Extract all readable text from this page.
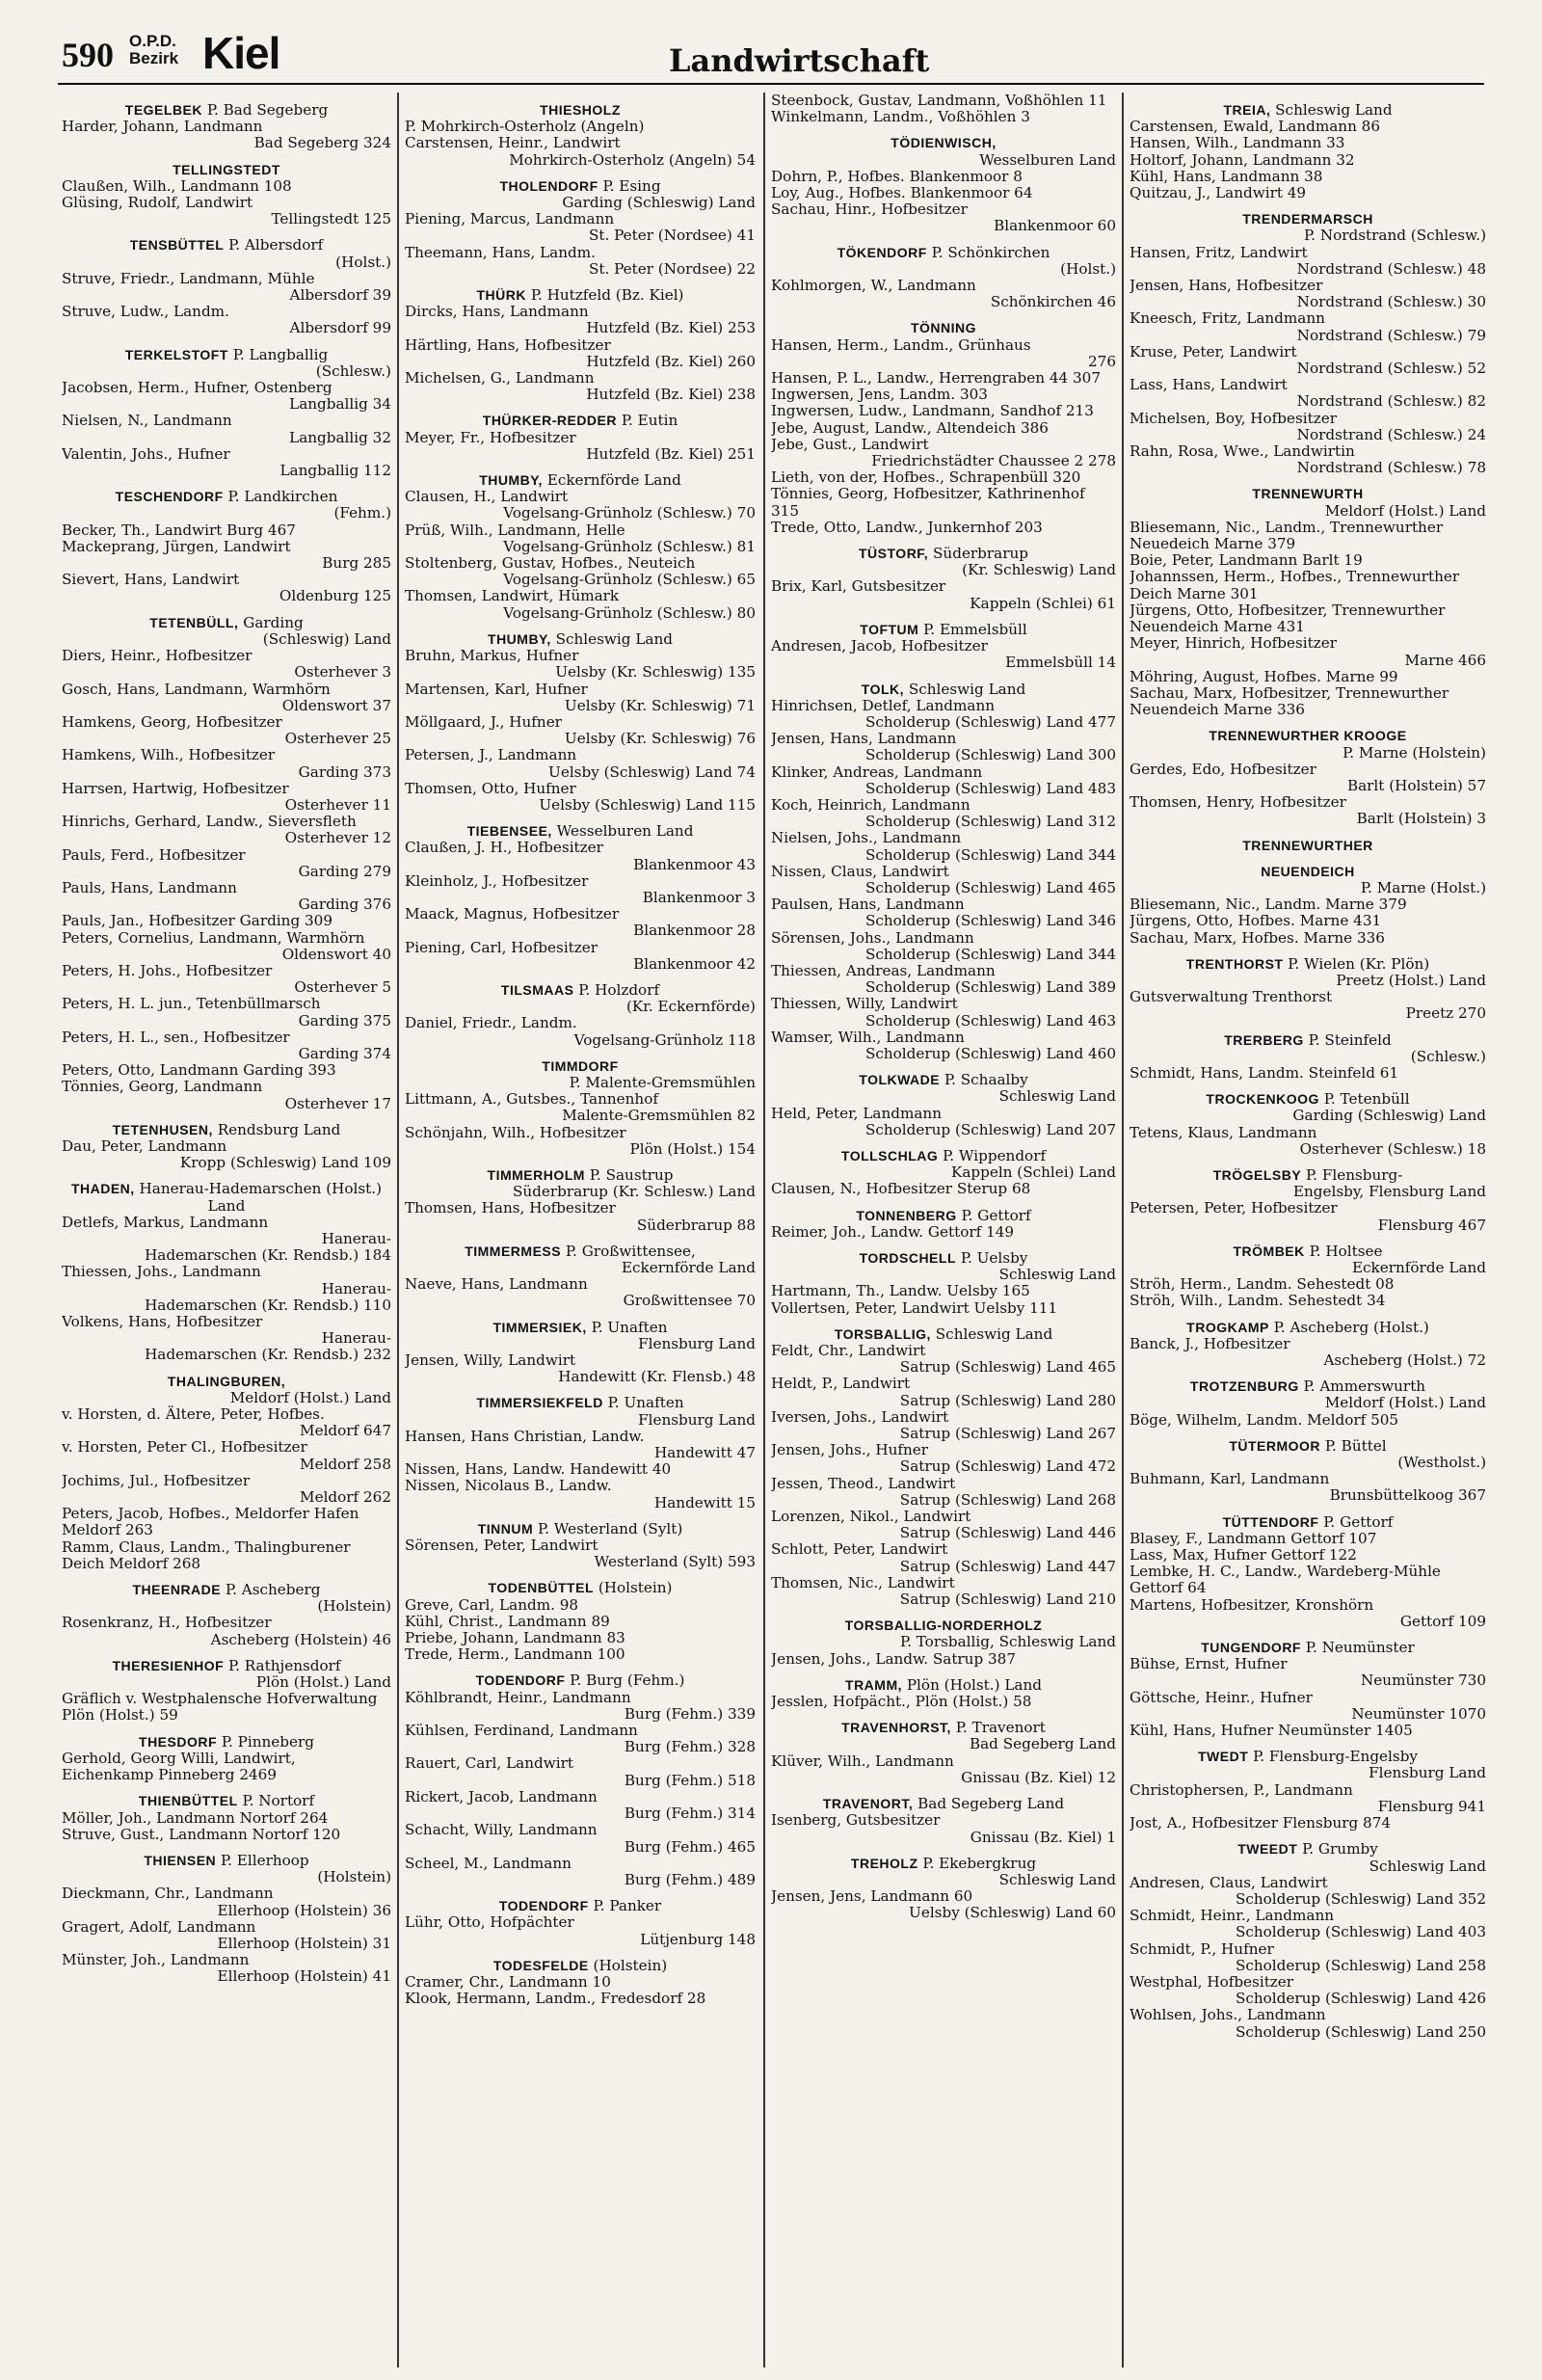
590 O.P.D.
Bezirk Kiel	Landwirtschaft
TEGELBEK P. Bad Segeberg
Harder, Johann, Landmann
Bad Segeberg 324
TELLINGSTEDT
Claußen, Wilh., Landmann 108
Glüsing, Rudolf, Landwirt
Tellingstedt 125
TENSBÜTTEL P. Albersdorf
(Holst.)
Struve, Friedr., Landmann, Mühle
Albersdorf 39
Struve, Ludw., Landm.
Albersdorf 99
TERKELSTOFT P. Langballig
(Schlesw.)
Jacobsen, Herm., Hufner, Ostenberg
Langballig 34
Nielsen, N., Landmann
Langballig 32
Valentin, Johs., Hufner
Langballig 112
TESCHENDORF P. Landkirchen
(Fehm.)
Becker, Th., Landwirt Burg 467
Mackeprang, Jürgen, Landwirt
Burg 285
Sievert, Hans, Landwirt
Oldenburg 125
TETENBÜLL, Garding
(Schleswig) Land
Diers, Heinr., Hofbesitzer
Osterhever 3
Gosch, Hans, Landmann, Warmhörn
Oldenswort 37
Hamkens, Georg, Hofbesitzer
Osterhever 25
Hamkens, Wilh., Hofbesitzer
Garding 373
Harrsen, Hartwig, Hofbesitzer
Osterhever 11
Hinrichs, Gerhard, Landw., Sieversfleth
Osterhever 12
Pauls, Ferd., Hofbesitzer
Garding 279
Pauls, Hans, Landmann
Garding 376
Pauls, Jan., Hofbesitzer Garding 309
Peters, Cornelius, Landmann, Warmhörn
Oldenswort 40
Peters, H. Johs., Hofbesitzer
Osterhever 5
Peters, H. L. jun., Tetenbüllmarsch
Garding 375
Peters, H. L., sen., Hofbesitzer
Garding 374
Peters, Otto, Landmann Garding 393
Tönnies, Georg, Landmann
Osterhever 17
TETENHUSEN, Rendsburg Land
Dau, Peter, Landmann
Kropp (Schleswig) Land 109
THADEN, Hanerau-Hademarschen (Holst.) Land
Detlefs, Markus, Landmann
Hanerau-
Hademarschen (Kr. Rendsb.) 184
Thiessen, Johs., Landmann
Hanerau-
Hademarschen (Kr. Rendsb.) 110
Volkens, Hans, Hofbesitzer
Hanerau-
Hademarschen (Kr. Rendsb.) 232
THALINGBUREN,
Meldorf (Holst.) Land
v. Horsten, d. Ältere, Peter, Hofbes.
Meldorf 647
v. Horsten, Peter Cl., Hofbesitzer
Meldorf 258
Jochims, Jul., Hofbesitzer
Meldorf 262
Peters, Jacob, Hofbes., Meldorfer Hafen Meldorf 263
Ramm, Claus, Landm., Thalingburener Deich Meldorf 268
THEENRADE P. Ascheberg
(Holstein)
Rosenkranz, H., Hofbesitzer
Ascheberg (Holstein) 46
THERESIENHOF P. Rathjensdorf
Plön (Holst.) Land
Gräflich v. Westphalensche Hofverwaltung Plön (Holst.) 59
THESDORF P. Pinneberg
Gerhold, Georg Willi, Landwirt, Eichenkamp Pinneberg 2469
THIENBÜTTEL P. Nortorf
Möller, Joh., Landmann Nortorf 264
Struve, Gust., Landmann Nortorf 120
THIENSEN P. Ellerhoop
(Holstein)
Dieckmann, Chr., Landmann
Ellerhoop (Holstein) 36
Gragert, Adolf, Landmann
Ellerhoop (Holstein) 31
Münster, Joh., Landmann
Ellerhoop (Holstein) 41
THIESHOLZ
P. Mohrkirch-Osterholz (Angeln)
Carstensen, Heinr., Landwirt
Mohrkirch-Osterholz (Angeln) 54
THOLENDORF P. Esing
Garding (Schleswig) Land
Piening, Marcus, Landmann
St. Peter (Nordsee) 41
Theemann, Hans, Landm.
St. Peter (Nordsee) 22
THÜRK P. Hutzfeld (Bz. Kiel)
Dircks, Hans, Landmann
Hutzfeld (Bz. Kiel) 253
Härtling, Hans, Hofbesitzer
Hutzfeld (Bz. Kiel) 260
Michelsen, G., Landmann
Hutzfeld (Bz. Kiel) 238
THÜRKER-REDDER P. Eutin
Meyer, Fr., Hofbesitzer
Hutzfeld (Bz. Kiel) 251
THUMBY, Eckernförde Land
Clausen, H., Landwirt
Vogelsang-Grünholz (Schlesw.) 70
Prüß, Wilh., Landmann, Helle
Vogelsang-Grünholz (Schlesw.) 81
Stoltenberg, Gustav, Hofbes., Neuteich
Vogelsang-Grünholz (Schlesw.) 65
Thomsen, Landwirt, Hümark
Vogelsang-Grünholz (Schlesw.) 80
THUMBY, Schleswig Land
Bruhn, Markus, Hufner
Uelsby (Kr. Schleswig) 135
Martensen, Karl, Hufner
Uelsby (Kr. Schleswig) 71
Möllgaard, J., Hufner
Uelsby (Kr. Schleswig) 76
Petersen, J., Landmann
Uelsby (Schleswig) Land 74
Thomsen, Otto, Hufner
Uelsby (Schleswig) Land 115
TIEBENSEE, Wesselburen Land
Claußen, J. H., Hofbesitzer
Blankenmoor 43
Kleinholz, J., Hofbesitzer
Blankenmoor 3
Maack, Magnus, Hofbesitzer
Blankenmoor 28
Piening, Carl, Hofbesitzer
Blankenmoor 42
TILSMAAS P. Holzdorf
(Kr. Eckernförde)
Daniel, Friedr., Landm.
Vogelsang-Grünholz 118
TIMMDORF
P. Malente-Gremsmühlen
Littmann, A., Gutsbes., Tannenhof
Malente-Gremsmühlen 82
Schönjahn, Wilh., Hofbesitzer
Plön (Holst.) 154
TIMMERHOLM P. Saustrup
Süderbrarup (Kr. Schlesw.) Land
Thomsen, Hans, Hofbesitzer
Süderbrarup 88
TIMMERMESS P. Großwittensee,
Eckernförde Land
Naeve, Hans, Landmann
Großwittensee 70
TIMMERSIEK, P. Unaften
Flensburg Land
Jensen, Willy, Landwirt
Handewitt (Kr. Flensb.) 48
TIMMERSIEKFELD P. Unaften
Flensburg Land
Hansen, Hans Christian, Landw.
Handewitt 47
Nissen, Hans, Landw. Handewitt 40
Nissen, Nicolaus B., Landw.
Handewitt 15
TINNUM P. Westerland (Sylt)
Sörensen, Peter, Landwirt
Westerland (Sylt) 593
TODENBÜTTEL (Holstein)
Greve, Carl, Landm. 98
Kühl, Christ., Landmann 89
Priebe, Johann, Landmann 83
Trede, Herm., Landmann 100
TODENDORF P. Burg (Fehm.)
Köhlbrandt, Heinr., Landmann
Burg (Fehm.) 339
Kühlsen, Ferdinand, Landmann
Burg (Fehm.) 328
Rauert, Carl, Landwirt
Burg (Fehm.) 518
Rickert, Jacob, Landmann
Burg (Fehm.) 314
Schacht, Willy, Landmann
Burg (Fehm.) 465
Scheel, M., Landmann
Burg (Fehm.) 489
TODENDORF P. Panker
Lühr, Otto, Hofpächter
Lütjenburg 148
TODESFELDE (Holstein)
Cramer, Chr., Landmann 10
Klook, Hermann, Landm., Fredesdorf 28
Steenbock, Gustav, Landmann, Voßhöhlen 11
Winkelmann, Landm., Voßhöhlen 3
TÖDIENWISCH,
Wesselburen Land
Dohrn, P., Hofbes. Blankenmoor 8
Loy, Aug., Hofbes. Blankenmoor 64
Sachau, Hinr., Hofbesitzer
Blankenmoor 60
TÖKENDORF P. Schönkirchen
(Holst.)
Kohlmorgen, W., Landmann
Schönkirchen 46
TÖNNING
Hansen, Herm., Landm., Grünhaus
276
Hansen, P. L., Landw., Herrengraben 44 307
Ingwersen, Jens, Landm. 303
Ingwersen, Ludw., Landmann, Sandhof 213
Jebe, August, Landw., Altendeich 386
Jebe, Gust., Landwirt
Friedrichstädter Chaussee 2 278
Lieth, von der, Hofbes., Schrapenbüll 320
Tönnies, Georg, Hofbesitzer, Kathrinenhof 315
Trede, Otto, Landw., Junkernhof 203
TÜSTORF, Süderbrarup
(Kr. Schleswig) Land
Brix, Karl, Gutsbesitzer
Kappeln (Schlei) 61
TOFTUM P. Emmelsbüll
Andresen, Jacob, Hofbesitzer
Emmelsbüll 14
TOLK, Schleswig Land
Hinrichsen, Detlef, Landmann
Scholderup (Schleswig) Land 477
Jensen, Hans, Landmann
Scholderup (Schleswig) Land 300
Klinker, Andreas, Landmann
Scholderup (Schleswig) Land 483
Koch, Heinrich, Landmann
Scholderup (Schleswig) Land 312
Nielsen, Johs., Landmann
Scholderup (Schleswig) Land 344
Nissen, Claus, Landwirt
Scholderup (Schleswig) Land 465
Paulsen, Hans, Landmann
Scholderup (Schleswig) Land 346
Sörensen, Johs., Landmann
Scholderup (Schleswig) Land 344
Thiessen, Andreas, Landmann
Scholderup (Schleswig) Land 389
Thiessen, Willy, Landwirt
Scholderup (Schleswig) Land 463
Wamser, Wilh., Landmann
Scholderup (Schleswig) Land 460
TOLKWADE P. Schaalby
Schleswig Land
Held, Peter, Landmann
Scholderup (Schleswig) Land 207
TOLLSCHLAG P. Wippendorf
Kappeln (Schlei) Land
Clausen, N., Hofbesitzer Sterup 68
TONNENBERG P. Gettorf
Reimer, Joh., Landw. Gettorf 149
TORDSCHELL P. Uelsby
Schleswig Land
Hartmann, Th., Landw. Uelsby 165
Vollertsen, Peter, Landwirt Uelsby 111
TORSBALLIG, Schleswig Land
Feldt, Chr., Landwirt
Satrup (Schleswig) Land 465
Heldt, P., Landwirt
Satrup (Schleswig) Land 280
Iversen, Johs., Landwirt
Satrup (Schleswig) Land 267
Jensen, Johs., Hufner
Satrup (Schleswig) Land 472
Jessen, Theod., Landwirt
Satrup (Schleswig) Land 268
Lorenzen, Nikol., Landwirt
Satrup (Schleswig) Land 446
Schlott, Peter, Landwirt
Satrup (Schleswig) Land 447
Thomsen, Nic., Landwirt
Satrup (Schleswig) Land 210
TORSBALLIG-NORDERHOLZ
P. Torsballig, Schleswig Land
Jensen, Johs., Landw. Satrup 387
TRAMM, Plön (Holst.) Land
Jesslen, Hofpächt., Plön (Holst.) 58
TRAVENHORST, P. Travenort
Bad Segeberg Land
Klüver, Wilh., Landmann
Gnissau (Bz. Kiel) 12
TRAVENORT, Bad Segeberg Land
Isenberg, Gutsbesitzer
Gnissau (Bz. Kiel) 1
TREHOLZ P. Ekebergkrug
Schleswig Land
Jensen, Jens, Landmann 60
Uelsby (Schleswig) Land 60
TREIA, Schleswig Land
Carstensen, Ewald, Landmann 86
Hansen, Wilh., Landmann 33
Holtorf, Johann, Landmann 32
Kühl, Hans, Landmann 38
Quitzau, J., Landwirt 49
TRENDERMARSCH
P. Nordstrand (Schlesw.)
Hansen, Fritz, Landwirt
Nordstrand (Schlesw.) 48
Jensen, Hans, Hofbesitzer
Nordstrand (Schlesw.) 30
Kneesch, Fritz, Landmann
Nordstrand (Schlesw.) 79
Kruse, Peter, Landwirt
Nordstrand (Schlesw.) 52
Lass, Hans, Landwirt
Nordstrand (Schlesw.) 82
Michelsen, Boy, Hofbesitzer
Nordstrand (Schlesw.) 24
Rahn, Rosa, Wwe., Landwirtin
Nordstrand (Schlesw.) 78
TRENNEWURTH
Meldorf (Holst.) Land
Bliesemann, Nic., Landm., Trennewurther Neuedeich Marne 379
Boie, Peter, Landmann Barlt 19
Johannssen, Herm., Hofbes., Trennewurther Deich Marne 301
Jürgens, Otto, Hofbesitzer, Trennewurther Neuendeich Marne 431
Meyer, Hinrich, Hofbesitzer
Marne 466
Möhring, August, Hofbes. Marne 99
Sachau, Marx, Hofbesitzer, Trennewurther Neuendeich Marne 336
TRENNEWURTHER KROOGE
P. Marne (Holstein)
Gerdes, Edo, Hofbesitzer
Barlt (Holstein) 57
Thomsen, Henry, Hofbesitzer
Barlt (Holstein) 3
TRENNEWURTHER
NEUENDEICH
P. Marne (Holst.)
Bliesemann, Nic., Landm. Marne 379
Jürgens, Otto, Hofbes. Marne 431
Sachau, Marx, Hofbes. Marne 336
TRENTHORST P. Wielen (Kr. Plön)
Preetz (Holst.) Land
Gutsverwaltung Trenthorst
Preetz 270
TRERBERG P. Steinfeld
(Schlesw.)
Schmidt, Hans, Landm. Steinfeld 61
TROCKENKOOG P. Tetenbüll
Garding (Schleswig) Land
Tetens, Klaus, Landmann
Osterhever (Schlesw.) 18
TRÖGELSBY P. Flensburg-
Engelsby, Flensburg Land
Petersen, Peter, Hofbesitzer
Flensburg 467
TRÖMBEK P. Holtsee
Eckernförde Land
Ströh, Herm., Landm. Sehestedt 08
Ströh, Wilh., Landm. Sehestedt 34
TROGKAMP P. Ascheberg (Holst.)
Banck, J., Hofbesitzer
Ascheberg (Holst.) 72
TROTZENBURG P. Ammerswurth
Meldorf (Holst.) Land
Böge, Wilhelm, Landm. Meldorf 505
TÜTERMOOR P. Büttel
(Westholst.)
Buhmann, Karl, Landmann
Brunsbüttelkoog 367
TÜTTENDORF P. Gettorf
Blasey, F., Landmann Gettorf 107
Lass, Max, Hufner Gettorf 122
Lembke, H. C., Landw., Wardeberg-Mühle Gettorf 64
Martens, Hofbesitzer, Kronshörn
Gettorf 109
TUNGENDORF P. Neumünster
Bühse, Ernst, Hufner
Neumünster 730
Göttsche, Heinr., Hufner
Neumünster 1070
Kühl, Hans, Hufner Neumünster 1405
TWEDT P. Flensburg-Engelsby
Flensburg Land
Christophersen, P., Landmann
Flensburg 941
Jost, A., Hofbesitzer Flensburg 874
TWEEDT P. Grumby
Schleswig Land
Andresen, Claus, Landwirt
Scholderup (Schleswig) Land 352
Schmidt, Heinr., Landmann
Scholderup (Schleswig) Land 403
Schmidt, P., Hufner
Scholderup (Schleswig) Land 258
Westphal, Hofbesitzer
Scholderup (Schleswig) Land 426
Wohlsen, Johs., Landmann
Scholderup (Schleswig) Land 250
